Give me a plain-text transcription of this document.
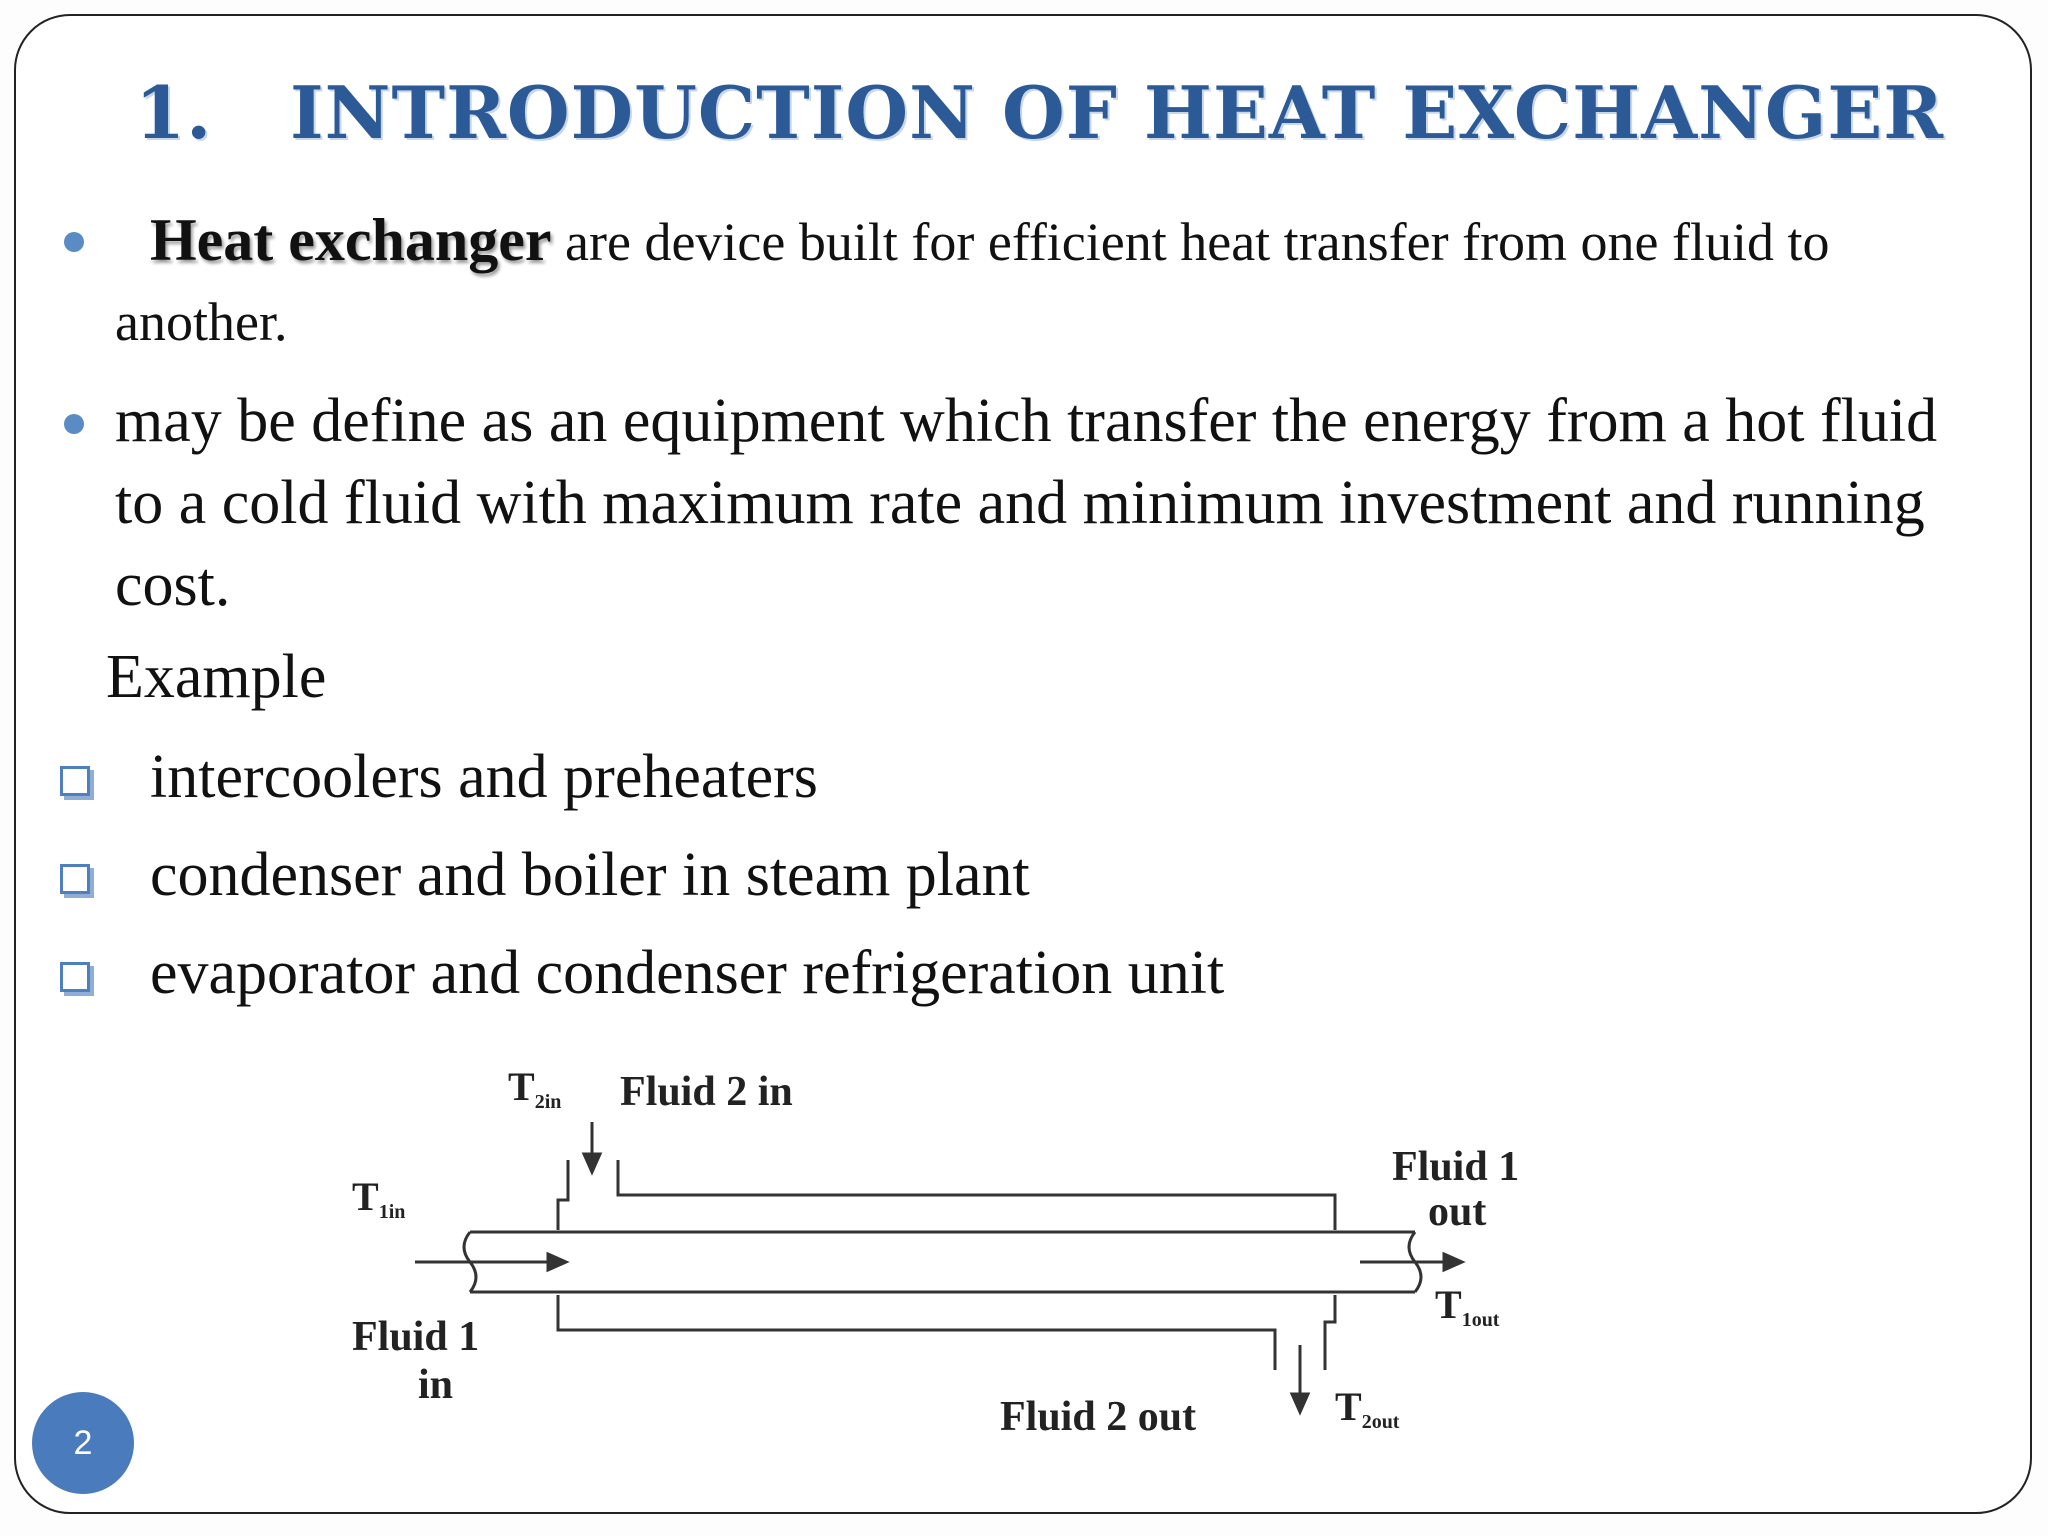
1. INTRODUCTION OF HEAT EXCHANGER
Heat exchanger are device built for efficient heat transfer from one fluid to another.
may be define as an equipment which transfer the energy from a hot fluid to a cold fluid with maximum rate and minimum investment and running cost.
Example
intercoolers and preheaters
condenser and boiler in steam plant
evaporator and condenser refrigeration unit
$T_{2in}$ Fluid 2 in
$T_{1in}$
Fluid 1
out
$T_{1out}$
Fluid 1
in
Fluid 2 out	$T_{2out}$
2
